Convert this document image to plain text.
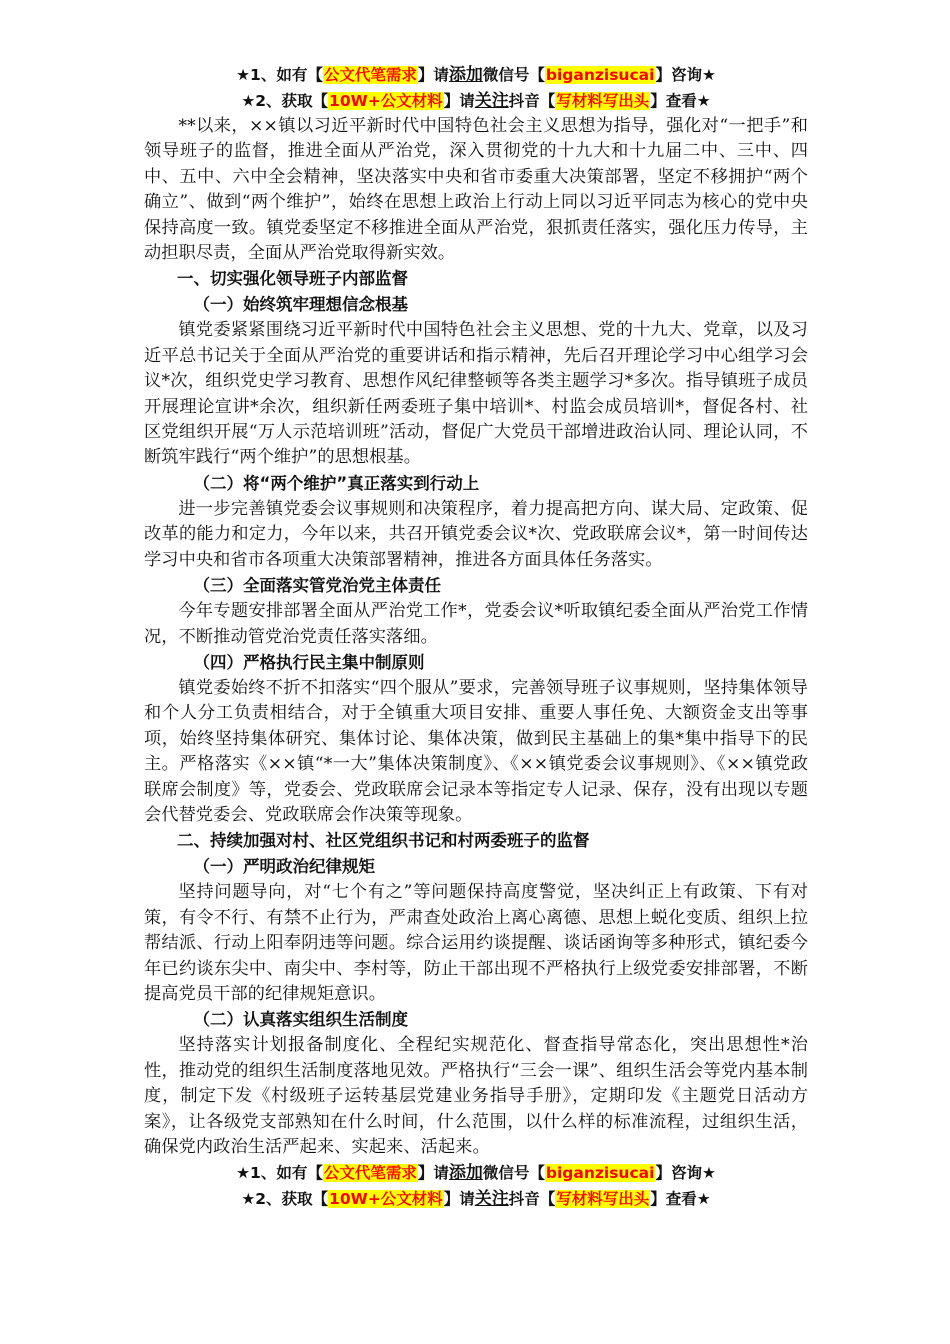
★1、如有【公文代笔需求】请添加微信号【biganzisucai】咨询★

★2、获取【10W+公文材料】请关注抖音【写材料写出头】查看★

**以来，××镇以习近平新时代中国特色社会主义思想为指导，强化对“一把手”和领导班子的监督，推进全面从严治党，深入贯彻党的十九大和十九届二中、三中、四中、五中、六中全会精神，坚决落实中央和省市委重大决策部署，坚定不移拥护“两个确立”、做到“两个维护”，始终在思想上政治上行动上同以习近平同志为核心的党中央保持高度一致。镇党委坚定不移推进全面从严治党，狠抓责任落实，强化压力传导，主动担职尽责，全面从严治党取得新实效。

一、切实强化领导班子内部监督
（一）始终筑牢理想信念根基

镇党委紧紧围绕习近平新时代中国特色社会主义思想、党的十九大、党章，以及习近平总书记关于全面从严治党的重要讲话和指示精神，先后召开理论学习中心组学习会议*次，组织党史学习教育、思想作风纪律整顿等各类主题学习*多次。指导镇班子成员开展理论宣讲*余次，组织新任两委班子集中培训*、村监会成员培训*，督促各村、社区党组织开展“万人示范培训班”活动，督促广大党员干部增进政治认同、理论认同，不断筑牢践行“两个维护”的思想根基。

（二）将“两个维护”真正落实到行动上

进一步完善镇党委会议事规则和决策程序，着力提高把方向、谋大局、定政策、促改革的能力和定力，今年以来，共召开镇党委会议*次、党政联席会议*，第一时间传达学习中央和省市各项重大决策部署精神，推进各方面具体任务落实。

（三）全面落实管党治党主体责任

今年专题安排部署全面从严治党工作*，党委会议*听取镇纪委全面从严治党工作情况，不断推动管党治党责任落实落细。

（四）严格执行民主集中制原则

镇党委始终不折不扣落实“四个服从”要求，完善领导班子议事规则，坚持集体领导和个人分工负责相结合，对于全镇重大项目安排、重要人事任免、大额资金支出等事项，始终坚持集体研究、集体讨论、集体决策，做到民主基础上的集*集中指导下的民主。严格落实《××镇“*一大”集体决策制度》、《××镇党委会议事规则》、《××镇党政联席会制度》等，党委会、党政联席会记录本等指定专人记录、保存，没有出现以专题会代替党委会、党政联席会作决策等现象。

二、持续加强对村、社区党组织书记和村两委班子的监督
（一）严明政治纪律规矩

坚持问题导向，对“七个有之”等问题保持高度警觉，坚决纠正上有政策、下有对策，有令不行、有禁不止行为，严肃查处政治上离心离德、思想上蜕化变质、组织上拉帮结派、行动上阳奉阴违等问题。综合运用约谈提醒、谈话函询等多种形式，镇纪委今年已约谈东尖中、南尖中、李村等，防止干部出现不严格执行上级党委安排部署，不断提高党员干部的纪律规矩意识。

（二）认真落实组织生活制度

坚持落实计划报备制度化、全程纪实规范化、督查指导常态化，突出思想性*治性，推动党的组织生活制度落地见效。严格执行“三会一课”、组织生活会等党内基本制度，制定下发《村级班子运转基层党建业务指导手册》，定期印发《主题党日活动方案》，让各级党支部熟知在什么时间，什么范围，以什么样的标准流程，过组织生活，确保党内政治生活严起来、实起来、活起来。

★1、如有【公文代笔需求】请添加微信号【biganzisucai】咨询★

★2、获取【10W+公文材料】请关注抖音【写材料写出头】查看★
